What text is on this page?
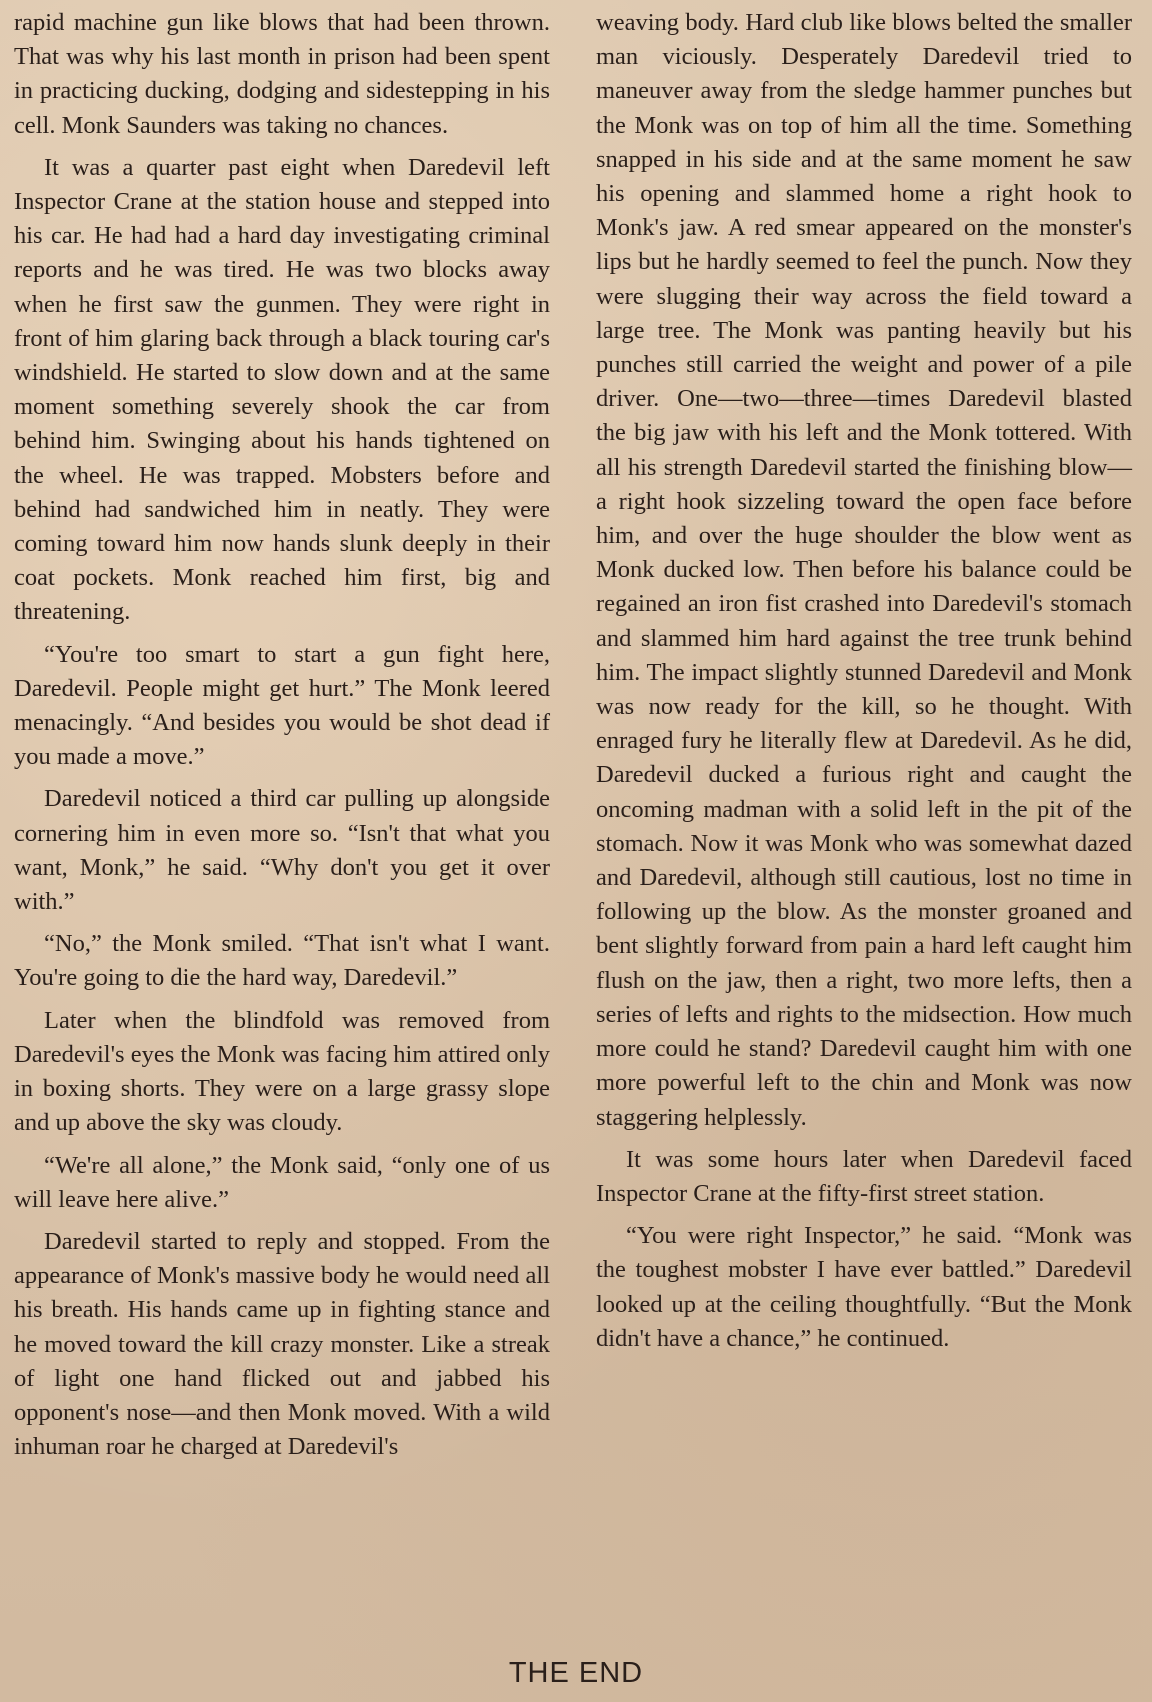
rapid machine gun like blows that had been thrown. That was why his last month in prison had been spent in practicing ducking, dodging and sidestepping in his cell. Monk Saunders was taking no chances.

It was a quarter past eight when Daredevil left Inspector Crane at the station house and stepped into his car. He had had a hard day investigating criminal reports and he was tired. He was two blocks away when he first saw the gunmen. They were right in front of him glaring back through a black touring car's windshield. He started to slow down and at the same moment something severely shook the car from behind him. Swinging about his hands tightened on the wheel. He was trapped. Mobsters before and behind had sandwiched him in neatly. They were coming toward him now hands slunk deeply in their coat pockets. Monk reached him first, big and threatening.

“You're too smart to start a gun fight here, Daredevil. People might get hurt.” The Monk leered menacingly. “And besides you would be shot dead if you made a move.”

Daredevil noticed a third car pulling up alongside cornering him in even more so. “Isn't that what you want, Monk,” he said. “Why don't you get it over with.”

“No,” the Monk smiled. “That isn't what I want. You're going to die the hard way, Daredevil.”

Later when the blindfold was removed from Daredevil's eyes the Monk was facing him attired only in boxing shorts. They were on a large grassy slope and up above the sky was cloudy.

“We're all alone,” the Monk said, “only one of us will leave here alive.”

Daredevil started to reply and stopped. From the appearance of Monk's massive body he would need all his breath. His hands came up in fighting stance and he moved toward the kill crazy monster. Like a streak of light one hand flicked out and jabbed his opponent's nose—and then Monk moved. With a wild inhuman roar he charged at Daredevil's

weaving body. Hard club like blows belted the smaller man viciously. Desperately Daredevil tried to maneuver away from the sledge hammer punches but the Monk was on top of him all the time. Something snapped in his side and at the same moment he saw his opening and slammed home a right hook to Monk's jaw. A red smear appeared on the monster's lips but he hardly seemed to feel the punch. Now they were slugging their way across the field toward a large tree. The Monk was panting heavily but his punches still carried the weight and power of a pile driver. One—two—three—times Daredevil blasted the big jaw with his left and the Monk tottered. With all his strength Daredevil started the finishing blow—a right hook sizzeling toward the open face before him, and over the huge shoulder the blow went as Monk ducked low. Then before his balance could be regained an iron fist crashed into Daredevil's stomach and slammed him hard against the tree trunk behind him. The impact slightly stunned Daredevil and Monk was now ready for the kill, so he thought. With enraged fury he literally flew at Daredevil. As he did, Daredevil ducked a furious right and caught the oncoming madman with a solid left in the pit of the stomach. Now it was Monk who was somewhat dazed and Daredevil, although still cautious, lost no time in following up the blow. As the monster groaned and bent slightly forward from pain a hard left caught him flush on the jaw, then a right, two more lefts, then a series of lefts and rights to the midsection. How much more could he stand? Daredevil caught him with one more powerful left to the chin and Monk was now staggering helplessly.

It was some hours later when Daredevil faced Inspector Crane at the fifty-first street station.

“You were right Inspector,” he said. “Monk was the toughest mobster I have ever battled.” Daredevil looked up at the ceiling thoughtfully. “But the Monk didn't have a chance,” he continued.

THE END
